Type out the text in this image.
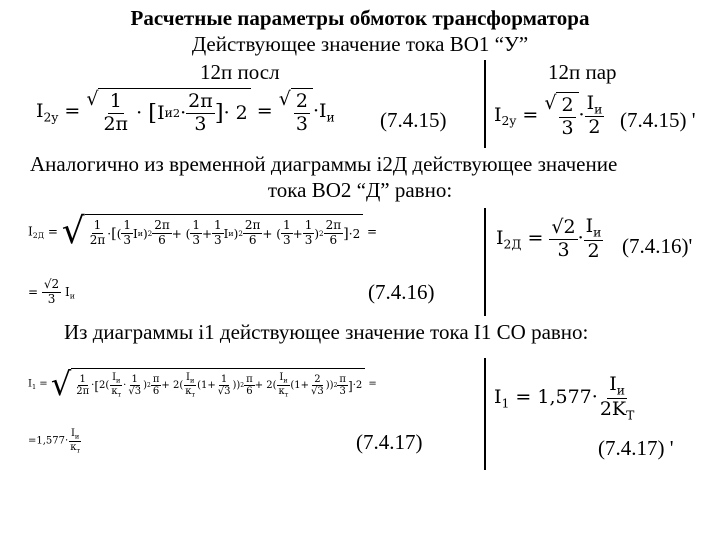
Расчетные параметры обмоток трансформатора
Действующее значение тока ВО1 “У”
12п посл	12п пар
$I_{2y}$ =
√ $\frac{1}{2\pi}$ · [ I и $2 \cdot \frac{2\pi}{3}$ ] · 2 =
√ $\frac{2}{3} \cdot I_и$ (7.4.15)	$I_{2y}$ =
√ $\frac{2}{3} \cdot \frac{I_и}{2} (7.4.15)$ '
Аналогично из временной диаграммы i2Д действующее значение
тока ВО2 “Д” равно:
$I_{2Д}$ = √ $\frac{1}{2\pi}$ · [ ( $\frac{1}{3}$ I и ) $2 \frac{2\pi}{6}$ + ( $\frac{1}{3} + \frac{1}{3}$ I и ) $2 \frac{2\pi}{6}$ + ( $\frac{1}{3} + \frac{1}{3}$ ) $2 \frac{2\pi}{6}$ ] ·2 =
= $\frac{√2}{3} I_и$	(7.4.16)
$I_{2Д} = \frac{√2}{3} \cdot \frac{I_и}{2} (7.4.16)'$
Из диаграммы i1 действующее значение тока I1 СО равно:
$I_1$ = √ $\frac{1}{2\pi}$ · [ $2( \frac{I_и}{к_т} \cdot \frac{1}{√3}$ ) $2 \frac{\pi}{6} + 2( \frac{I_и}{к_т} (1+ \frac{1}{√3}$ )) $2 \frac{\pi}{6} + 2( \frac{I_и}{к_т} (1+ \frac{2}{√3}$ )) $2 \frac{\pi}{3}$ ] ·2 =
$=1,577\cdot \frac{I_и}{к_т}$	(7.4.17)
$I_1 = 1,577\cdot \frac{I_и}{2K_T}$
(7.4.17) '
